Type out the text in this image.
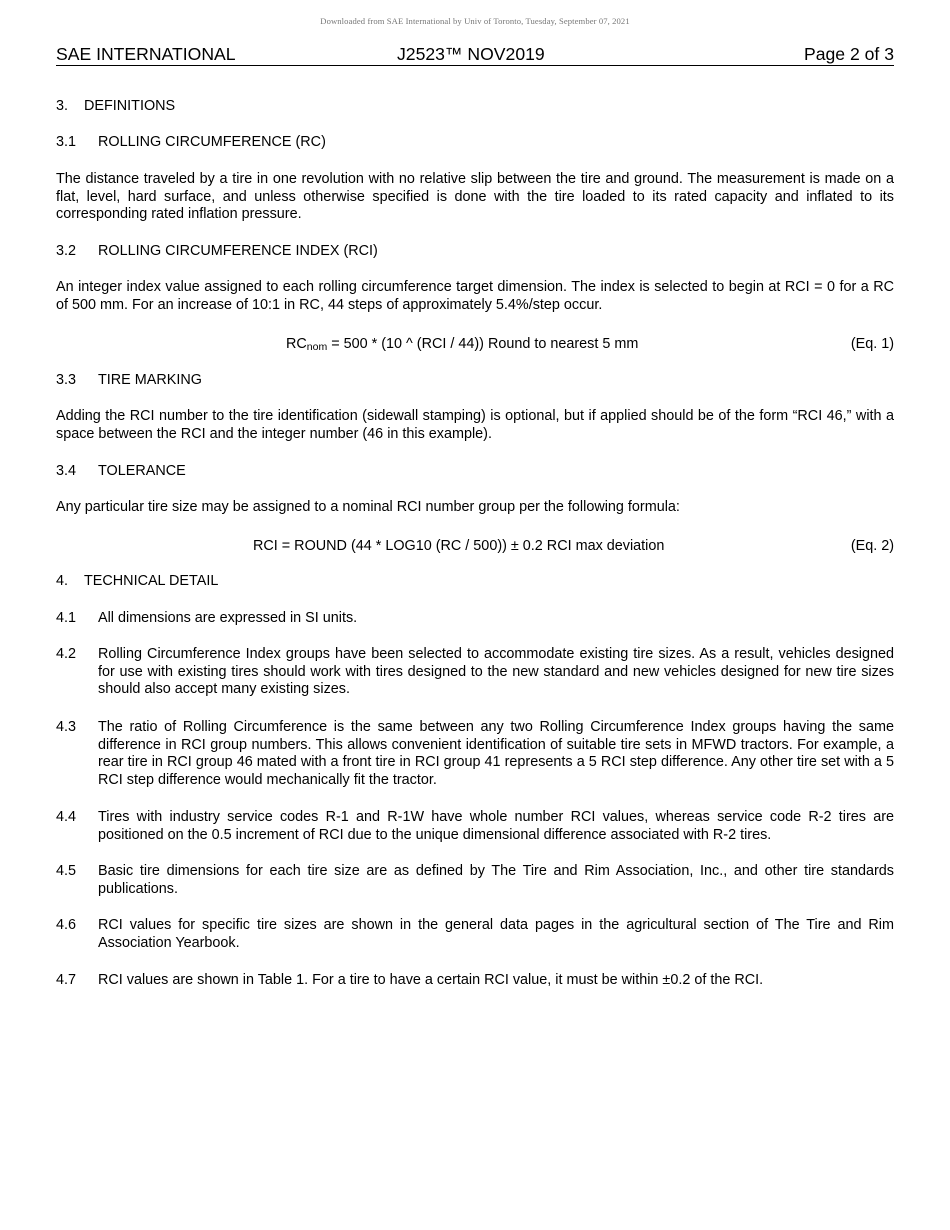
Downloaded from SAE International by Univ of Toronto, Tuesday, September 07, 2021
SAE INTERNATIONAL	J2523™ NOV2019	Page 2 of 3
3. DEFINITIONS
3.1 ROLLING CIRCUMFERENCE (RC)
The distance traveled by a tire in one revolution with no relative slip between the tire and ground. The measurement is made on a flat, level, hard surface, and unless otherwise specified is done with the tire loaded to its rated capacity and inflated to its corresponding rated inflation pressure.
3.2 ROLLING CIRCUMFERENCE INDEX (RCI)
An integer index value assigned to each rolling circumference target dimension. The index is selected to begin at RCI = 0 for a RC of 500 mm. For an increase of 10:1 in RC, 44 steps of approximately 5.4%/step occur.
$RC_{nom} = 500 * (10$ ^ (RCI / 44)) Round to nearest 5 mm	(Eq. 1)
3.3 TIRE MARKING
Adding the RCI number to the tire identification (sidewall stamping) is optional, but if applied should be of the form “RCI 46,” with a space between the RCI and the integer number (46 in this example).
3.4 TOLERANCE
Any particular tire size may be assigned to a nominal RCI number group per the following formula:
RCI = ROUND (44 * LOG10 (RC / 500)) ± 0.2 RCI max deviation	(Eq. 2)
4. TECHNICAL DETAIL
4.1 All dimensions are expressed in SI units.
4.2 Rolling Circumference Index groups have been selected to accommodate existing tire sizes. As a result, vehicles designed for use with existing tires should work with tires designed to the new standard and new vehicles designed for new tire sizes should also accept many existing sizes.
4.3 The ratio of Rolling Circumference is the same between any two Rolling Circumference Index groups having the same difference in RCI group numbers. This allows convenient identification of suitable tire sets in MFWD tractors. For example, a rear tire in RCI group 46 mated with a front tire in RCI group 41 represents a 5 RCI step difference. Any other tire set with a 5 RCI step difference would mechanically fit the tractor.
4.4 Tires with industry service codes R-1 and R-1W have whole number RCI values, whereas service code R-2 tires are positioned on the 0.5 increment of RCI due to the unique dimensional difference associated with R-2 tires.
4.5 Basic tire dimensions for each tire size are as defined by The Tire and Rim Association, Inc., and other tire standards publications.
4.6 RCI values for specific tire sizes are shown in the general data pages in the agricultural section of The Tire and Rim Association Yearbook.
4.7 RCI values are shown in Table 1. For a tire to have a certain RCI value, it must be within ±0.2 of the RCI.
